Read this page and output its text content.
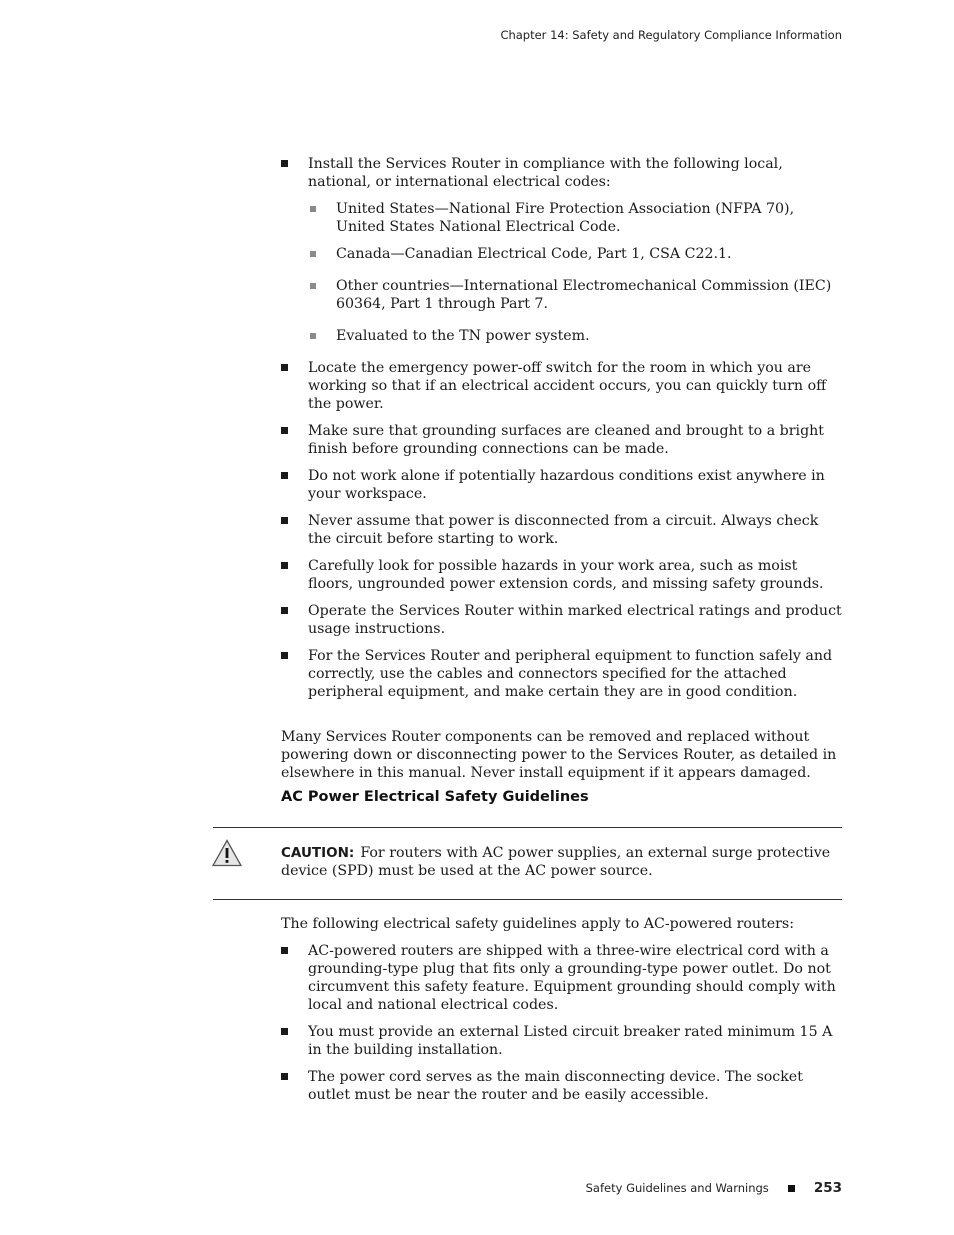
Chapter 14: Safety and Regulatory Compliance Information
Install the Services Router in compliance with the following local, national, or international electrical codes:
United States—National Fire Protection Association (NFPA 70), United States National Electrical Code.
Canada—Canadian Electrical Code, Part 1, CSA C22.1.
Other countries—International Electromechanical Commission (IEC) 60364, Part 1 through Part 7.
Evaluated to the TN power system.
Locate the emergency power-off switch for the room in which you are working so that if an electrical accident occurs, you can quickly turn off the power.
Make sure that grounding surfaces are cleaned and brought to a bright finish before grounding connections can be made.
Do not work alone if potentially hazardous conditions exist anywhere in your workspace.
Never assume that power is disconnected from a circuit. Always check the circuit before starting to work.
Carefully look for possible hazards in your work area, such as moist floors, ungrounded power extension cords, and missing safety grounds.
Operate the Services Router within marked electrical ratings and product usage instructions.
For the Services Router and peripheral equipment to function safely and correctly, use the cables and connectors specified for the attached peripheral equipment, and make certain they are in good condition.
Many Services Router components can be removed and replaced without powering down or disconnecting power to the Services Router, as detailed in elsewhere in this manual. Never install equipment if it appears damaged.
AC Power Electrical Safety Guidelines
CAUTION: For routers with AC power supplies, an external surge protective device (SPD) must be used at the AC power source.
The following electrical safety guidelines apply to AC-powered routers:
AC-powered routers are shipped with a three-wire electrical cord with a grounding-type plug that fits only a grounding-type power outlet. Do not circumvent this safety feature. Equipment grounding should comply with local and national electrical codes.
You must provide an external Listed circuit breaker rated minimum 15 A in the building installation.
The power cord serves as the main disconnecting device. The socket outlet must be near the router and be easily accessible.
Safety Guidelines and Warnings	253
